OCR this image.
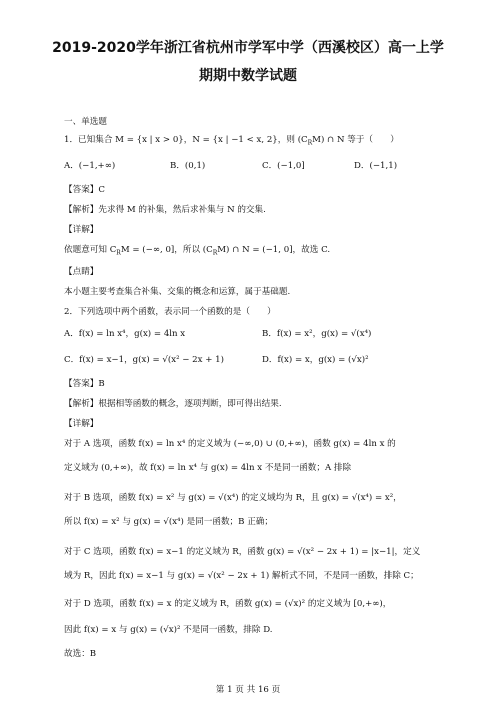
2019-2020学年浙江省杭州市学军中学（西溪校区）高一上学
期期中数学试题
一、单选题
1．已知集合 M = {x | x > 0}，N = {x | −1 < x, 2}，则 $(C_RM)$ ∩ N 等于（　　）
A．(−1,+∞)	B．(0,1)	C．(−1,0]	D．(−1,1)
【答案】C
【解析】先求得 M 的补集，然后求补集与 N 的交集.
【详解】
依题意可知 $C_RM$ = (−∞, 0]，所以 $(C_RM)$ ∩ N = (−1, 0]，故选 C.
【点睛】
本小题主要考查集合补集、交集的概念和运算，属于基础题.
2．下列选项中两个函数，表示同一个函数的是（　　）
A．f(x) = ln x⁴，g(x) = 4ln x	B．f(x) = x²，g(x) = √(x⁴)
C．f(x) = x−1，g(x) = √(x² − 2x + 1)	D．f(x) = x，g(x) = (√x)²
【答案】B
【解析】根据相等函数的概念，逐项判断，即可得出结果.
【详解】
对于 A 选项，函数 f(x) = ln x⁴ 的定义域为 (−∞,0) ∪ (0,+∞)，函数 g(x) = 4ln x 的
定义域为 (0,+∞)，故 f(x) = ln x⁴ 与 g(x) = 4ln x 不是同一函数；A 排除
对于 B 选项，函数 f(x) = x² 与 g(x) = √(x⁴) 的定义域均为 R，且 g(x) = √(x⁴) = x²，
所以 f(x) = x² 与 g(x) = √(x⁴) 是同一函数；B 正确；
对于 C 选项，函数 f(x) = x−1 的定义域为 R，函数 g(x) = √(x² − 2x + 1) = |x−1|，定义
域为 R，因此 f(x) = x−1 与 g(x) = √(x² − 2x + 1) 解析式不同，不是同一函数，排除 C；
对于 D 选项，函数 f(x) = x 的定义域为 R，函数 g(x) = (√x)² 的定义域为 [0,+∞)，
因此 f(x) = x 与 g(x) = (√x)² 不是同一函数，排除 D.
故选：B
第 1 页 共 16 页
